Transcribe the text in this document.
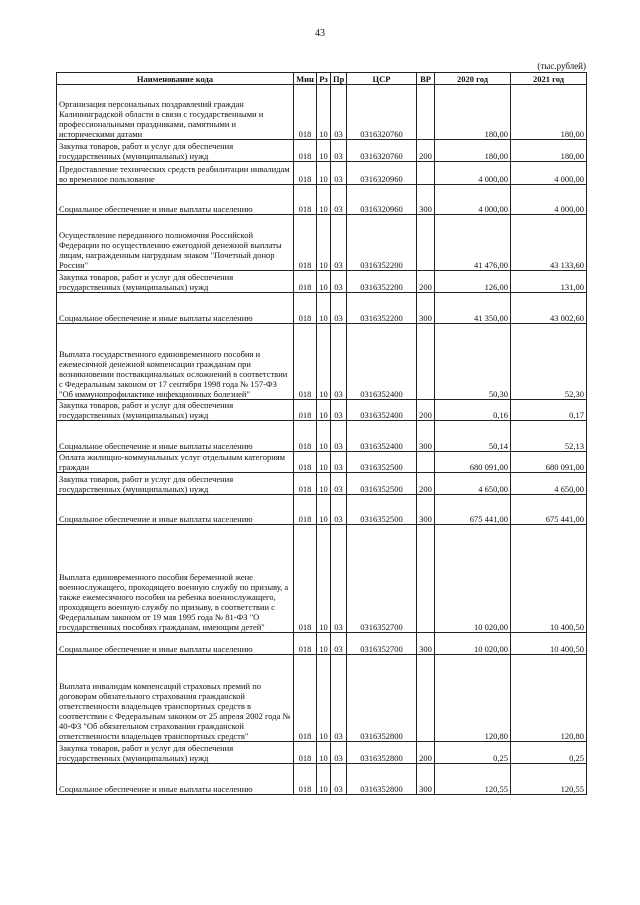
43
(тыс.рублей)
Наименование кода	Мин	Рз	Пр	ЦСР	ВР	2020 год	2021 год
Организация персональных поздравлений граждан Калининградской области в связи с государственными и профессиональными праздниками, памятными и историческими датами	018	10	03	0316320760		180,00	180,00
Закупка товаров, работ и услуг для обеспечения государственных (муниципальных) нужд	018	10	03	0316320760	200	180,00	180,00
Предоставление технических средств реабилитации инвалидам во временное пользование	018	10	03	0316320960		4 000,00	4 000,00
Социальное обеспечение и иные выплаты населению	018	10	03	0316320960	300	4 000,00	4 000,00
Осуществление переданного полномочия Российской Федерации по осуществлению ежегодной денежной выплаты лицам, награжденным нагрудным знаком "Почетный донор России"	018	10	03	0316352200		41 476,00	43 133,60
Закупка товаров, работ и услуг для обеспечения государственных (муниципальных) нужд	018	10	03	0316352200	200	126,00	131,00
Социальное обеспечение и иные выплаты населению	018	10	03	0316352200	300	41 350,00	43 002,60
Выплата государственного единовременного пособия и ежемесячной денежной компенсации гражданам при возникновении поствакцинальных осложнений в соответствии с Федеральным законом от 17 сентября 1998 года № 157-ФЗ "Об иммунопрофилактике инфекционных болезней"	018	10	03	0316352400		50,30	52,30
Закупка товаров, работ и услуг для обеспечения государственных (муниципальных) нужд	018	10	03	0316352400	200	0,16	0,17
Социальное обеспечение и иные выплаты населению	018	10	03	0316352400	300	50,14	52,13
Оплата жилищно-коммунальных услуг отдельным категориям граждан	018	10	03	0316352500		680 091,00	680 091,00
Закупка товаров, работ и услуг для обеспечения государственных (муниципальных) нужд	018	10	03	0316352500	200	4 650,00	4 650,00
Социальное обеспечение и иные выплаты населению	018	10	03	0316352500	300	675 441,00	675 441,00
Выплата единовременного пособия беременной жене военнослужащего, проходящего военную службу по призыву, а также ежемесячного пособия на ребенка военнослужащего, проходящего военную службу по призыву, в соответствии с Федеральным законом от 19 мая 1995 года № 81-ФЗ "О государственных пособиях гражданам, имеющим детей"	018	10	03	0316352700		10 020,00	10 400,50
Социальное обеспечение и иные выплаты населению	018	10	03	0316352700	300	10 020,00	10 400,50
Выплата инвалидам компенсаций страховых премий по договорам обязательного страхования гражданской ответственности владельцев транспортных средств в соответствии с Федеральным законом от 25 апреля 2002 года № 40-ФЗ "Об обязательном страховании гражданской ответственности владельцев транспортных средств"	018	10	03	0316352800		120,80	120,80
Закупка товаров, работ и услуг для обеспечения государственных (муниципальных) нужд	018	10	03	0316352800	200	0,25	0,25
Социальное обеспечение и иные выплаты населению	018	10	03	0316352800	300	120,55	120,55
